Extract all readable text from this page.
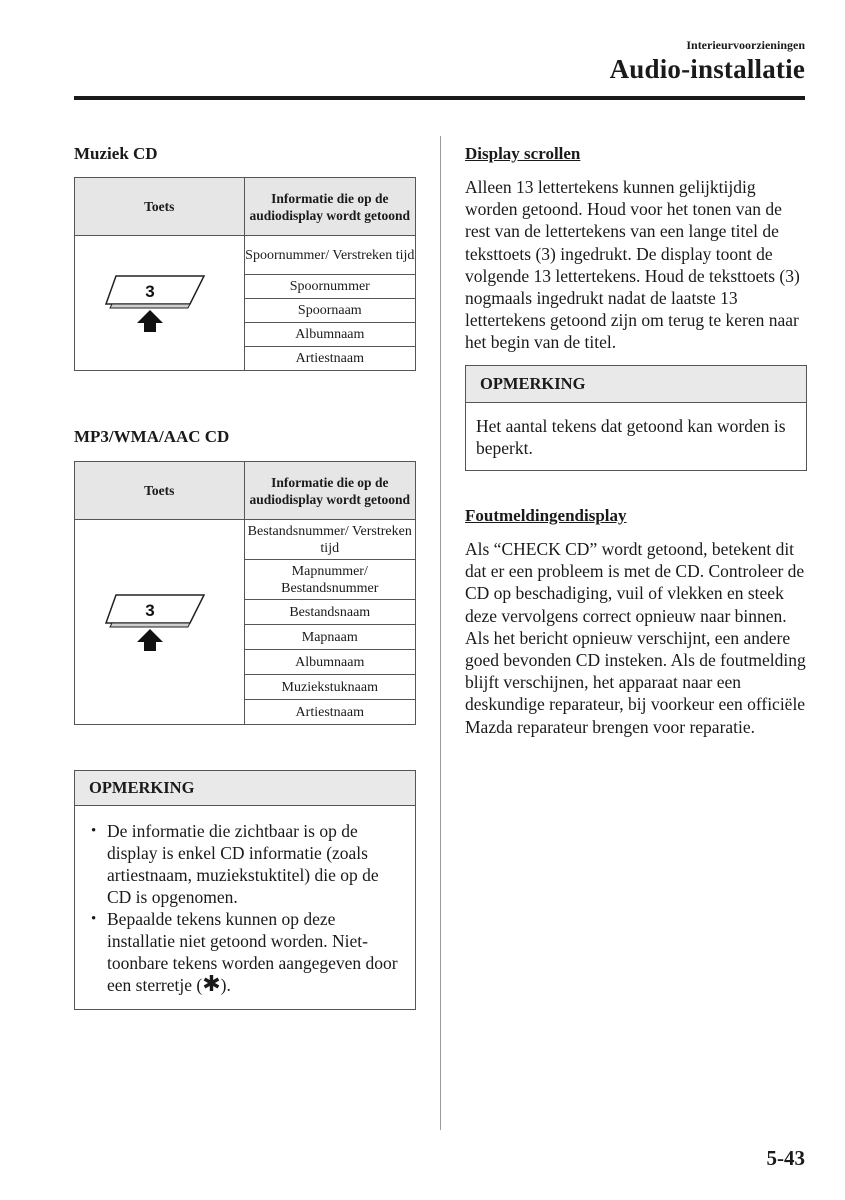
Interieurvoorzieningen
Audio-installatie
Muziek CD
Toets	Informatie die op de audiodisplay wordt getoond

3	Spoornummer/ Verstreken tijd
	Spoornummer
	Spoornaam
	Albumnaam
	Artiestnaam
MP3/WMA/AAC CD
Toets	Informatie die op de audiodisplay wordt getoond

3	Bestandsnummer/ Verstreken tijd
	Mapnummer/ Bestandsnummer
	Bestandsnaam
	Mapnaam
	Albumnaam
	Muziekstuknaam
	Artiestnaam
OPMERKING
• De informatie die zichtbaar is op de display is enkel CD informatie (zoals artiestnaam, muziekstuktitel) die op de CD is opgenomen.
• Bepaalde tekens kunnen op deze installatie niet getoond worden. Niet-toonbare tekens worden aangegeven door een sterretje (✱).
Display scrollen
Alleen 13 lettertekens kunnen gelijktijdig worden getoond. Houd voor het tonen van de rest van de lettertekens van een lange titel de teksttoets (3) ingedrukt. De display toont de volgende 13 lettertekens. Houd de teksttoets (3) nogmaals ingedrukt nadat de laatste 13 lettertekens getoond zijn om terug te keren naar het begin van de titel.
OPMERKING
Het aantal tekens dat getoond kan worden is beperkt.
Foutmeldingendisplay
Als “CHECK CD” wordt getoond, betekent dit dat er een probleem is met de CD. Controleer de CD op beschadiging, vuil of vlekken en steek deze vervolgens correct opnieuw naar binnen. Als het bericht opnieuw verschijnt, een andere goed bevonden CD insteken. Als de foutmelding blijft verschijnen, het apparaat naar een deskundige reparateur, bij voorkeur een officiële Mazda reparateur brengen voor reparatie.
5-43
